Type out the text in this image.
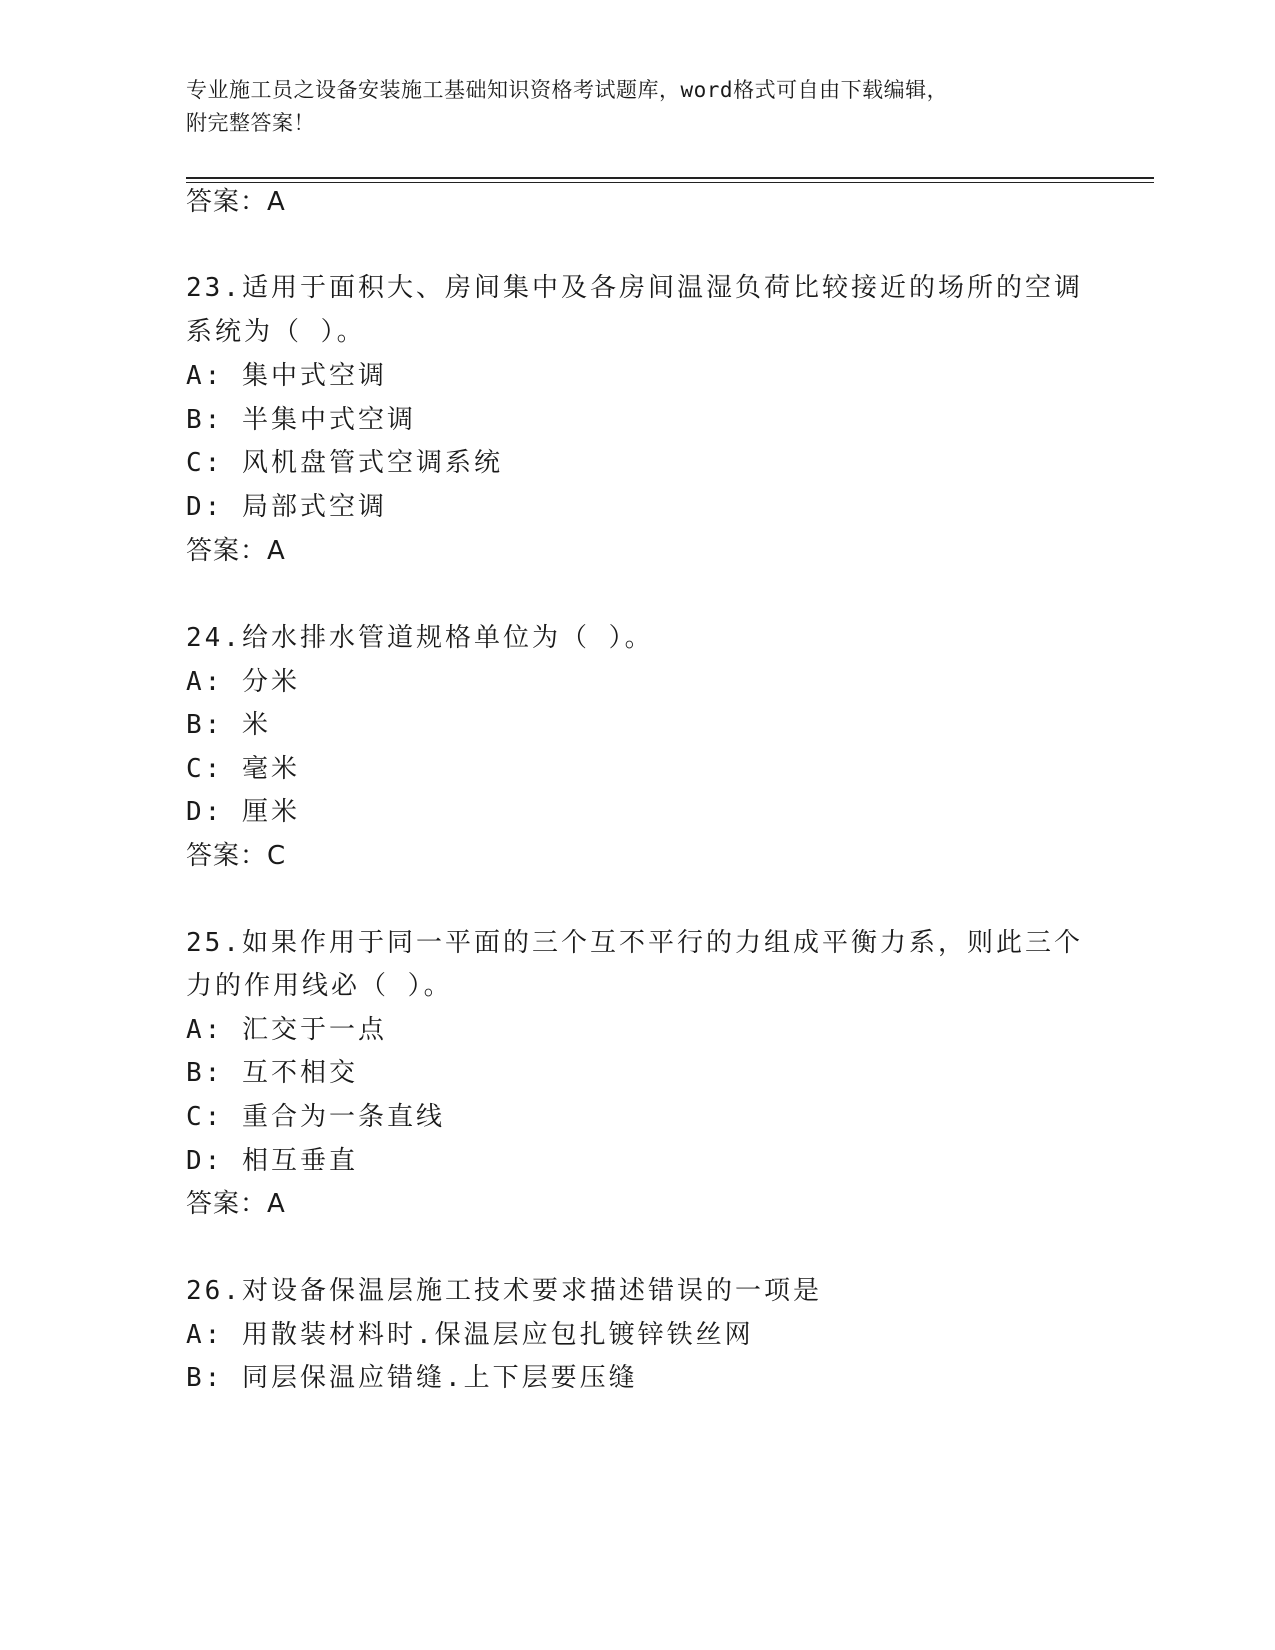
专业施工员之设备安装施工基础知识资格考试题库，word格式可自由下载编辑，
附完整答案！
答案：A
23.适用于面积大、房间集中及各房间温湿负荷比较接近的场所的空调
系统为（ ）。
A: 集中式空调
B: 半集中式空调
C: 风机盘管式空调系统
D: 局部式空调
答案：A
24.给水排水管道规格单位为（ ）。
A: 分米
B: 米
C: 毫米
D: 厘米
答案：C
25.如果作用于同一平面的三个互不平行的力组成平衡力系，则此三个
力的作用线必（ ）。
A: 汇交于一点
B: 互不相交
C: 重合为一条直线
D: 相互垂直
答案：A
26.对设备保温层施工技术要求描述错误的一项是
A: 用散装材料时.保温层应包扎镀锌铁丝网
B: 同层保温应错缝.上下层要压缝
